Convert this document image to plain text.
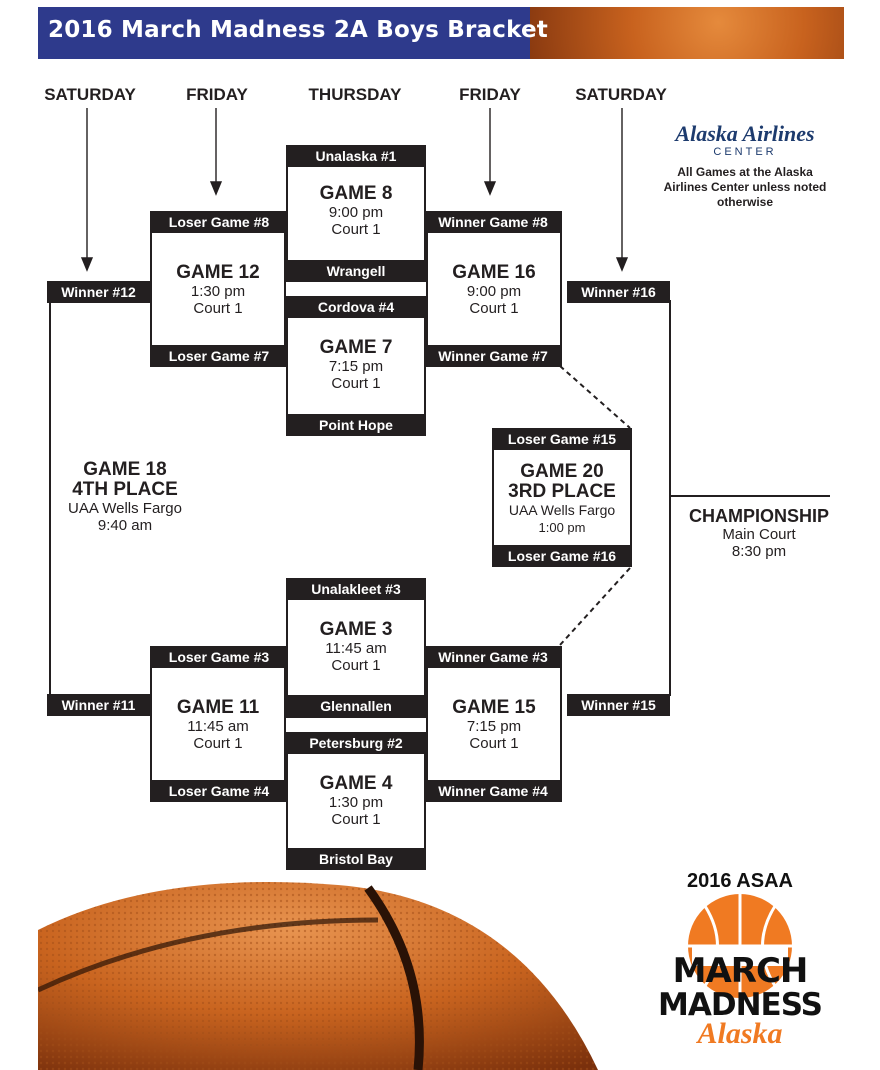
2016 March Madness 2A Boys Bracket
SATURDAY	FRIDAY	THURSDAY	FRIDAY	SATURDAY
Alaska Airlines
CENTER
All Games at the Alaska Airlines Center unless noted otherwise
GAME 8
9:00 pm
Court 1
Unalaska #1
Wrangell
GAME 7
7:15 pm
Court 1
Cordova #4
Point Hope
GAME 12
1:30 pm
Court 1
Loser Game #8
Loser Game #7
GAME 16
9:00 pm
Court 1
Winner Game #8
Winner Game #7
Winner #12	Winner #16
GAME 20
3RD PLACE
UAA Wells Fargo
1:00 pm
Loser Game #15
Loser Game #16
GAME 18
4TH PLACE
UAA Wells Fargo
9:40 am	CHAMPIONSHIP
Main Court
8:30 pm
GAME 3
11:45 am
Court 1
Unalakleet #3
Glennallen
GAME 4
1:30 pm
Court 1
Petersburg #2
Bristol Bay
GAME 11
11:45 am
Court 1
Loser Game #3
Loser Game #4
GAME 15
7:15 pm
Court 1
Winner Game #3
Winner Game #4
Winner #11	Winner #15
2016 ASAA
MARCH
MADNESS
Alaska
